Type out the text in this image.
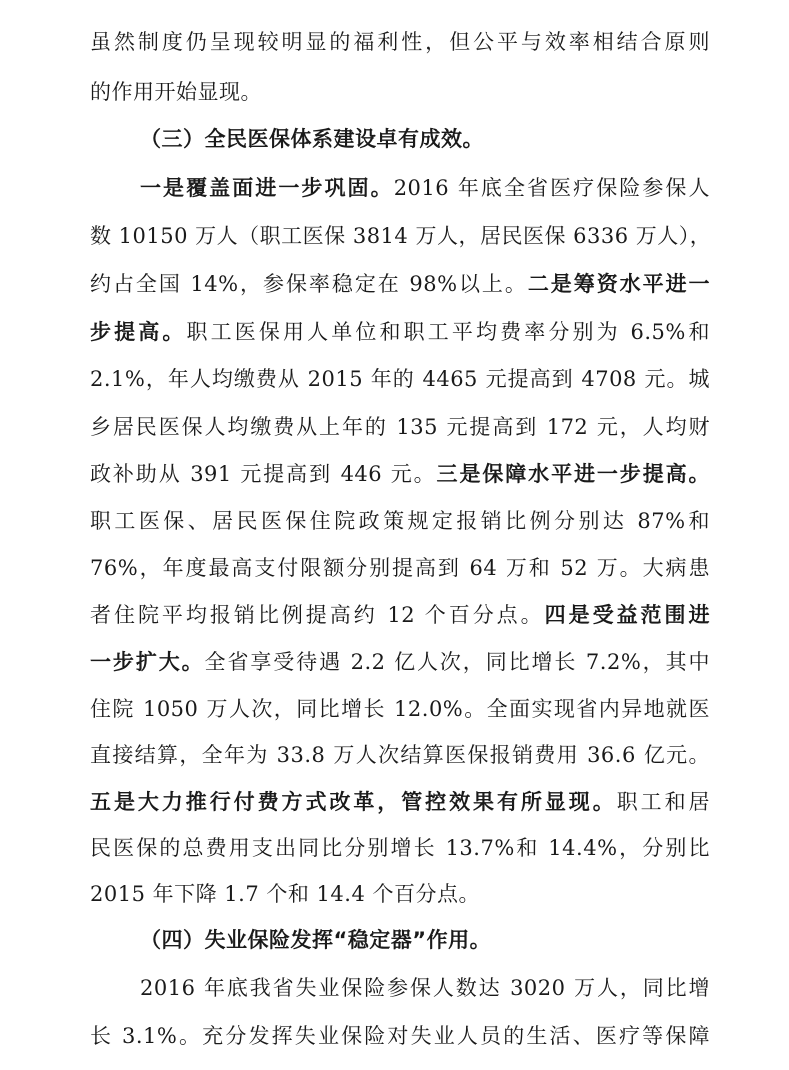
虽然制度仍呈现较明显的福利性，但公平与效率相结合原则
的作用开始显现。
（三）全民医保体系建设卓有成效。
一是覆盖面进一步巩固。2016 年底全省医疗保险参保人
数 10150 万人（职工医保 3814 万人，居民医保 6336 万人），
约占全国 14%，参保率稳定在 98%以上。二是筹资水平进一
步提高。职工医保用人单位和职工平均费率分别为 6.5%和
2.1%，年人均缴费从 2015 年的 4465 元提高到 4708 元。城
乡居民医保人均缴费从上年的 135 元提高到 172 元，人均财
政补助从 391 元提高到 446 元。三是保障水平进一步提高。
职工医保、居民医保住院政策规定报销比例分别达 87%和
76%，年度最高支付限额分别提高到 64 万和 52 万。大病患
者住院平均报销比例提高约 12 个百分点。四是受益范围进
一步扩大。全省享受待遇 2.2 亿人次，同比增长 7.2%，其中
住院 1050 万人次，同比增长 12.0%。全面实现省内异地就医
直接结算，全年为 33.8 万人次结算医保报销费用 36.6 亿元。
五是大力推行付费方式改革，管控效果有所显现。职工和居
民医保的总费用支出同比分别增长 13.7%和 14.4%，分别比
2015 年下降 1.7 个和 14.4 个百分点。
（四）失业保险发挥“稳定器”作用。
2016 年底我省失业保险参保人数达 3020 万人，同比增
长 3.1%。充分发挥失业保险对失业人员的生活、医疗等保障
